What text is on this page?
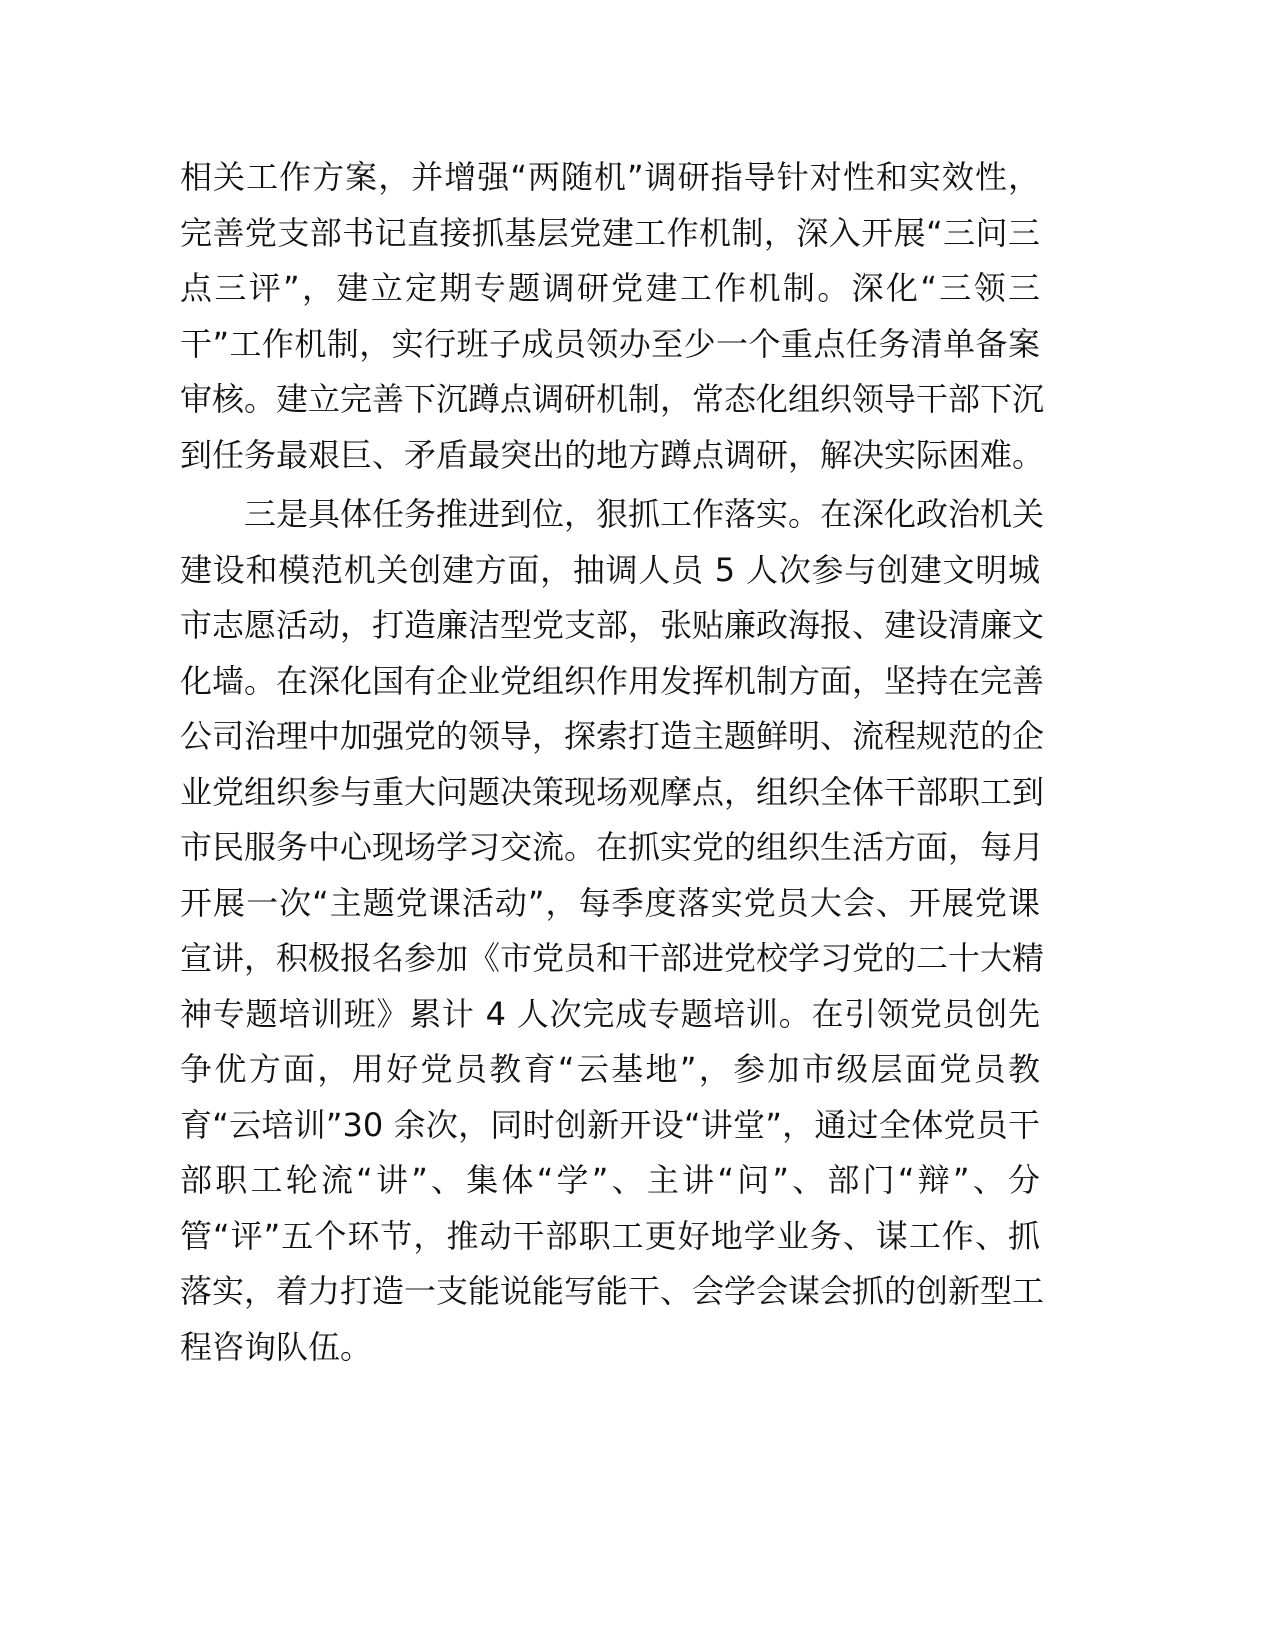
相关工作方案，并增强“两随机”调研指导针对性和实效性，
完善党支部书记直接抓基层党建工作机制，深入开展“三问三
点三评”，建立定期专题调研党建工作机制。深化“三领三
干”工作机制，实行班子成员领办至少一个重点任务清单备案
审核。建立完善下沉蹲点调研机制，常态化组织领导干部下沉
到任务最艰巨、矛盾最突出的地方蹲点调研，解决实际困难。
三是具体任务推进到位，狠抓工作落实。在深化政治机关
建设和模范机关创建方面，抽调人员 5 人次参与创建文明城
市志愿活动，打造廉洁型党支部，张贴廉政海报、建设清廉文
化墙。在深化国有企业党组织作用发挥机制方面，坚持在完善
公司治理中加强党的领导，探索打造主题鲜明、流程规范的企
业党组织参与重大问题决策现场观摩点，组织全体干部职工到
市民服务中心现场学习交流。在抓实党的组织生活方面，每月
开展一次“主题党课活动”，每季度落实党员大会、开展党课
宣讲，积极报名参加《市党员和干部进党校学习党的二十大精
神专题培训班》累计 4 人次完成专题培训。在引领党员创先
争优方面，用好党员教育“云基地”，参加市级层面党员教
育“云培训”30 余次，同时创新开设“讲堂”，通过全体党员干
部职工轮流“讲”、集体“学”、主讲“问”、部门“辩”、分
管“评”五个环节，推动干部职工更好地学业务、谋工作、抓
落实，着力打造一支能说能写能干、会学会谋会抓的创新型工
程咨询队伍。
